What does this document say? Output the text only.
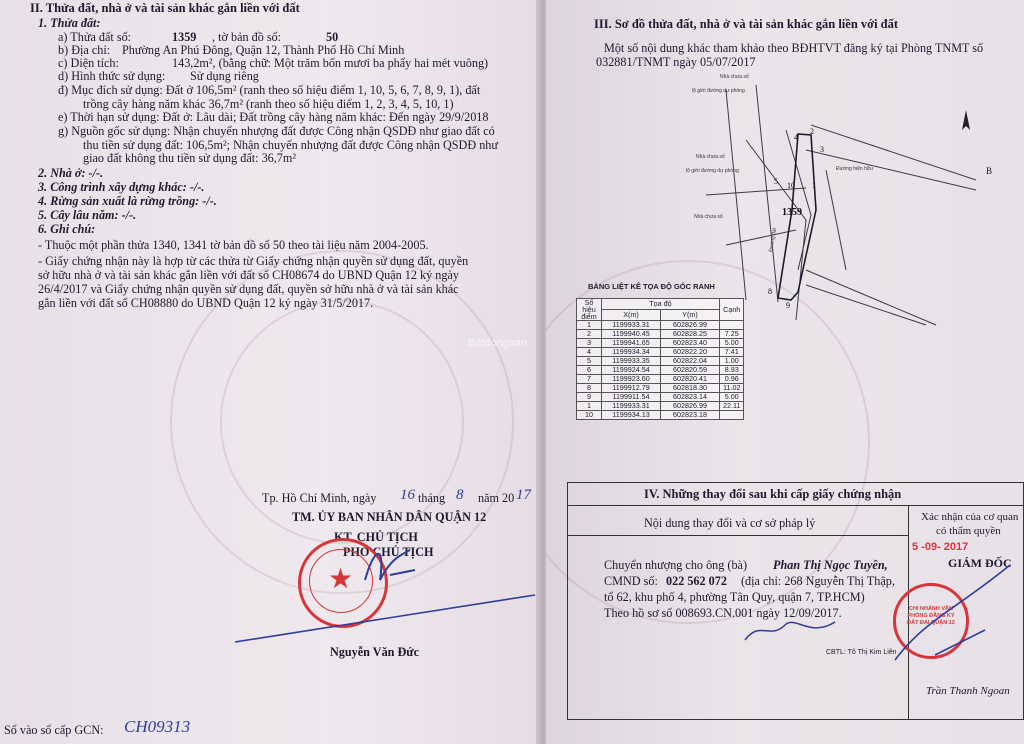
II. Thửa đất, nhà ở và tài sản khác gắn liền với đất
1. Thửa đất:
a) Thửa đất số:	1359 , tờ bản đồ số:	50
b) Địa chỉ: Phường An Phú Đông, Quận 12, Thành Phố Hồ Chí Minh
c) Diện tích:	143,2m², (bằng chữ: Một trăm bốn mươi ba phẩy hai mét vuông)
d) Hình thức sử dụng: Sử dụng riêng
đ) Mục đích sử dụng: Đất ở 106,5m² (ranh theo số hiệu điểm 1, 10, 5, 6, 7, 8, 9, 1), đất
trồng cây hàng năm khác 36,7m² (ranh theo số hiệu điểm 1, 2, 3, 4, 5, 10, 1)
e) Thời hạn sử dụng: Đất ở: Lâu dài; Đất trồng cây hàng năm khác: Đến ngày 29/9/2018
g) Nguồn gốc sử dụng: Nhận chuyển nhượng đất được Công nhận QSDĐ như giao đất có
thu tiền sử dụng đất: 106,5m²; Nhận chuyển nhượng đất được Công nhận QSDĐ như
giao đất không thu tiền sử dụng đất: 36,7m²
2. Nhà ở: -/-.
3. Công trình xây dựng khác: -/-.
4. Rừng sản xuất là rừng trồng: -/-.
5. Cây lâu năm: -/-.
6. Ghi chú:
- Thuộc một phần thửa 1340, 1341 tờ bản đồ số 50 theo tài liệu năm 2004-2005.
- Giấy chứng nhận này là hợp từ các thửa từ Giấy chứng nhận quyền sử dụng đất, quyền
sở hữu nhà ở và tài sản khác gắn liền với đất số CH08674 do UBND Quận 12 ký ngày
26/4/2017 và Giấy chứng nhận quyền sử dụng đất, quyền sở hữu nhà ở và tài sản khác
gắn liền với đất số CH08880 do UBND Quận 12 ký ngày 31/5/2017.
Tp. Hồ Chí Minh, ngày 16 tháng 8 năm 20 17
TM. ỦY BAN NHÂN DÂN QUẬN 12
KT. CHỦ TỊCH
PHÓ CHỦ TỊCH
★
Nguyễn Văn Đức
Số vào sổ cấp GCN: CH09313
III. Sơ đồ thửa đất, nhà ở và tài sản khác gắn liền với đất
Một số nội dung khác tham khảo theo BĐHTVT đăng ký tại Phòng TNMT số
032881/TNMT ngày 05/07/2017
lộ giới đường dự phòng
lộ giới đường dự phòng	Đường hiện hữu
Nhà chưa số
Nhà chưa số
Nhà chưa số
Đường đất
1359
10
5
8
9
1
2
3
4
B
BẢNG LIỆT KÊ TỌA ĐỘ GÓC RANH
Số hiệu điểm	Tọa độ		Cạnh
	X(m)	Y(m)	
1	1199933.31	602826.99	
2	1199940.45	602828.25	7.25
3	1199941.65	602823.40	5.00
4	1199934.34	602822.20	7.41
5	1199933.35	602822.04	1.00
6	1199924.54	602820.59	8.93
7	1199923.60	602820.41	0.96
8	1199912.79	602818.30	11.02
9	1199911.54	602823.14	5.00
1	1199933.31	602826.99	22.11
10	1199934.13	602823.18	
IV. Những thay đổi sau khi cấp giấy chứng nhận
Nội dung thay đổi và cơ sở pháp lý	Xác nhận của cơ quan
có thẩm quyền
Chuyển nhượng cho ông (bà) Phan Thị Ngọc Tuyền,
CMND số: 022 562 072 (địa chỉ: 268 Nguyễn Thị Thập,
tổ 62, khu phố 4, phường Tân Quy, quận 7, TP.HCM)
Theo hồ sơ số 008693.CN.001 ngày 12/09/2017.
5 -09- 2017
GIÁM ĐỐC
CHI NHÁNH VĂN PHÒNG ĐĂNG KÝ ĐẤT ĐAI QUẬN 12
CBTL: Tô Thị Kim Liên
Trần Thanh Ngoan
Batdongsan
